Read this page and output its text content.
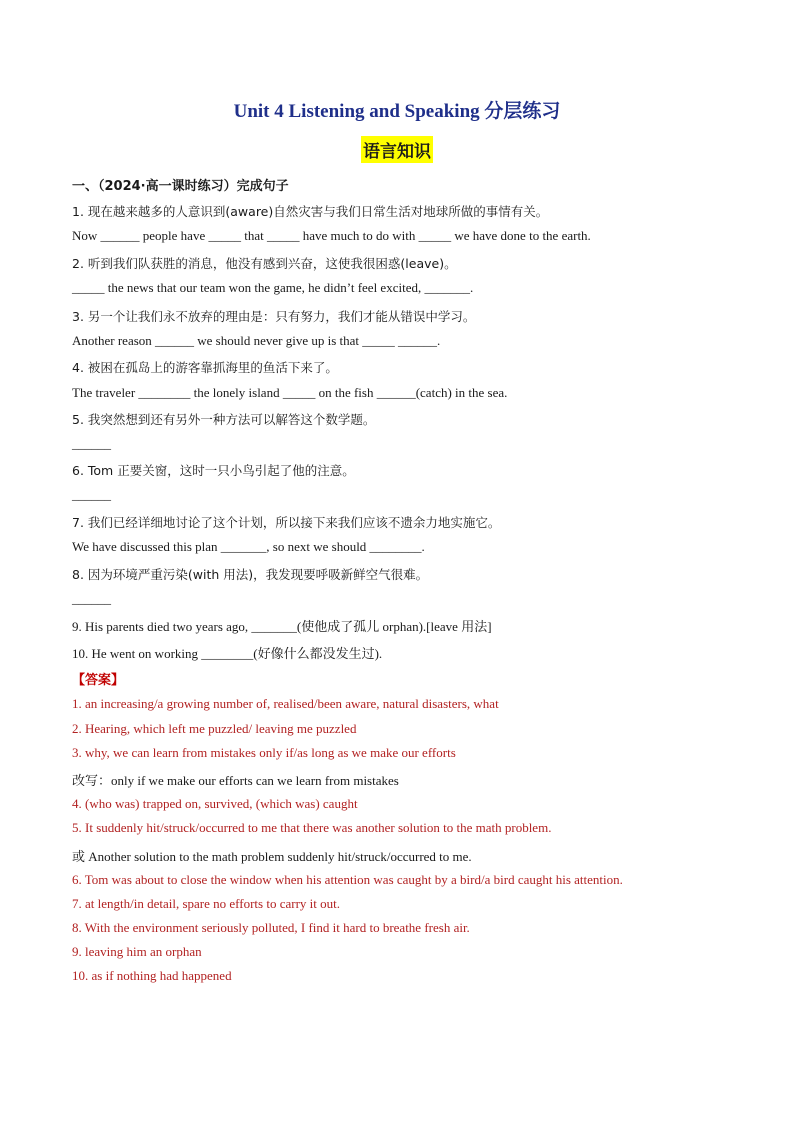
Unit 4 Listening and Speaking 分层练习
语言知识
一、（2024·高一课时练习）完成句子
1. 现在越来越多的人意识到(aware)自然灾害与我们日常生活对地球所做的事情有关。
Now ______ people have _____ that _____ have much to do with _____ we have done to the earth.
2. 听到我们队获胜的消息，他没有感到兴奋，这使我很困惑(leave)。
_____ the news that our team won the game, he didn’t feel excited, _______.
3. 另一个让我们永不放弃的理由是：只有努力，我们才能从错误中学习。
Another reason ______ we should never give up is that _____ ______.
4. 被困在孤岛上的游客靠抓海里的鱼活下来了。
The traveler ________ the lonely island _____ on the fish ______(catch) in the sea.
5. 我突然想到还有另外一种方法可以解答这个数学题。
______
6. Tom 正要关窗，这时一只小鸟引起了他的注意。
______
7. 我们已经详细地讨论了这个计划，所以接下来我们应该不遗余力地实施它。
We have discussed this plan _______, so next we should ________.
8. 因为环境严重污染(with 用法)，我发现要呼吸新鲜空气很难。
______
9. His parents died two years ago, _______(使他成了孤儿 orphan).[leave 用法]
10. He went on working ________(好像什么都没发生过).
【答案】
1. an increasing/a growing number of, realised/been aware, natural disasters, what
2. Hearing, which left me puzzled/ leaving me puzzled
3. why, we can learn from mistakes only if/as long as we make our efforts
改写：only if we make our efforts can we learn from mistakes
4. (who was) trapped on, survived, (which was) caught
5. It suddenly hit/struck/occurred to me that there was another solution to the math problem.
或 Another solution to the math problem suddenly hit/struck/occurred to me.
6. Tom was about to close the window when his attention was caught by a bird/a bird caught his attention.
7. at length/in detail, spare no efforts to carry it out.
8. With the environment seriously polluted, I find it hard to breathe fresh air.
9. leaving him an orphan
10. as if nothing had happened
